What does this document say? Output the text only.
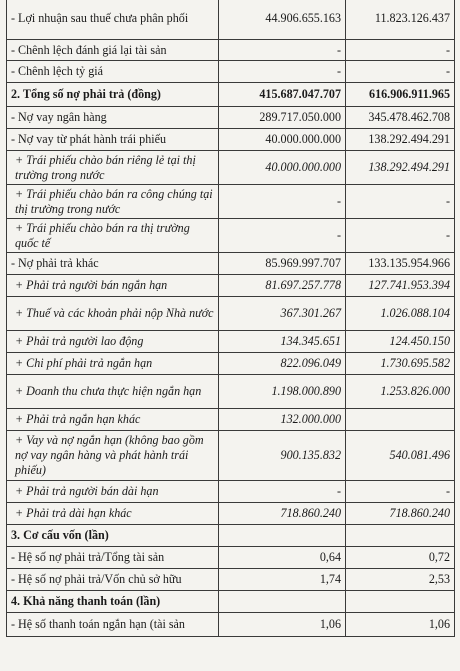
- Lợi nhuận sau thuế chưa phân phối	44.906.655.163	11.823.126.437
- Chênh lệch đánh giá lại tài sản	-	-
- Chênh lệch tỷ giá	-	-
2. Tổng số nợ phải trả (đồng)	415.687.047.707	616.906.911.965
- Nợ vay ngân hàng	289.717.050.000	345.478.462.708
- Nợ vay từ phát hành trái phiếu	40.000.000.000	138.292.494.291
+ Trái phiếu chào bán riêng lẻ tại thị trường trong nước	40.000.000.000	138.292.494.291
+ Trái phiếu chào bán ra công chúng tại thị trường trong nước	-	-
+ Trái phiếu chào bán ra thị trường quốc tế	-	-
- Nợ phải trả khác	85.969.997.707	133.135.954.966
+ Phải trả người bán ngắn hạn	81.697.257.778	127.741.953.394
+ Thuế và các khoản phải nộp Nhà nước	367.301.267	1.026.088.104
+ Phải trả người lao động	134.345.651	124.450.150
+ Chi phí phải trả ngắn hạn	822.096.049	1.730.695.582
+ Doanh thu chưa thực hiện ngắn hạn	1.198.000.890	1.253.826.000
+ Phải trả ngắn hạn khác	132.000.000	
+ Vay và nợ ngắn hạn (không bao gồm nợ vay ngân hàng và phát hành trái phiếu)	900.135.832	540.081.496
+ Phải trả người bán dài hạn	-	-
+ Phải trả dài hạn khác	718.860.240	718.860.240
3. Cơ cấu vốn (lần)		
- Hệ số nợ phải trả/Tổng tài sản	0,64	0,72
- Hệ số nợ phải trả/Vốn chủ sở hữu	1,74	2,53
4. Khả năng thanh toán (lần)		
- Hệ số thanh toán ngắn hạn (tài sản	1,06	1,06
